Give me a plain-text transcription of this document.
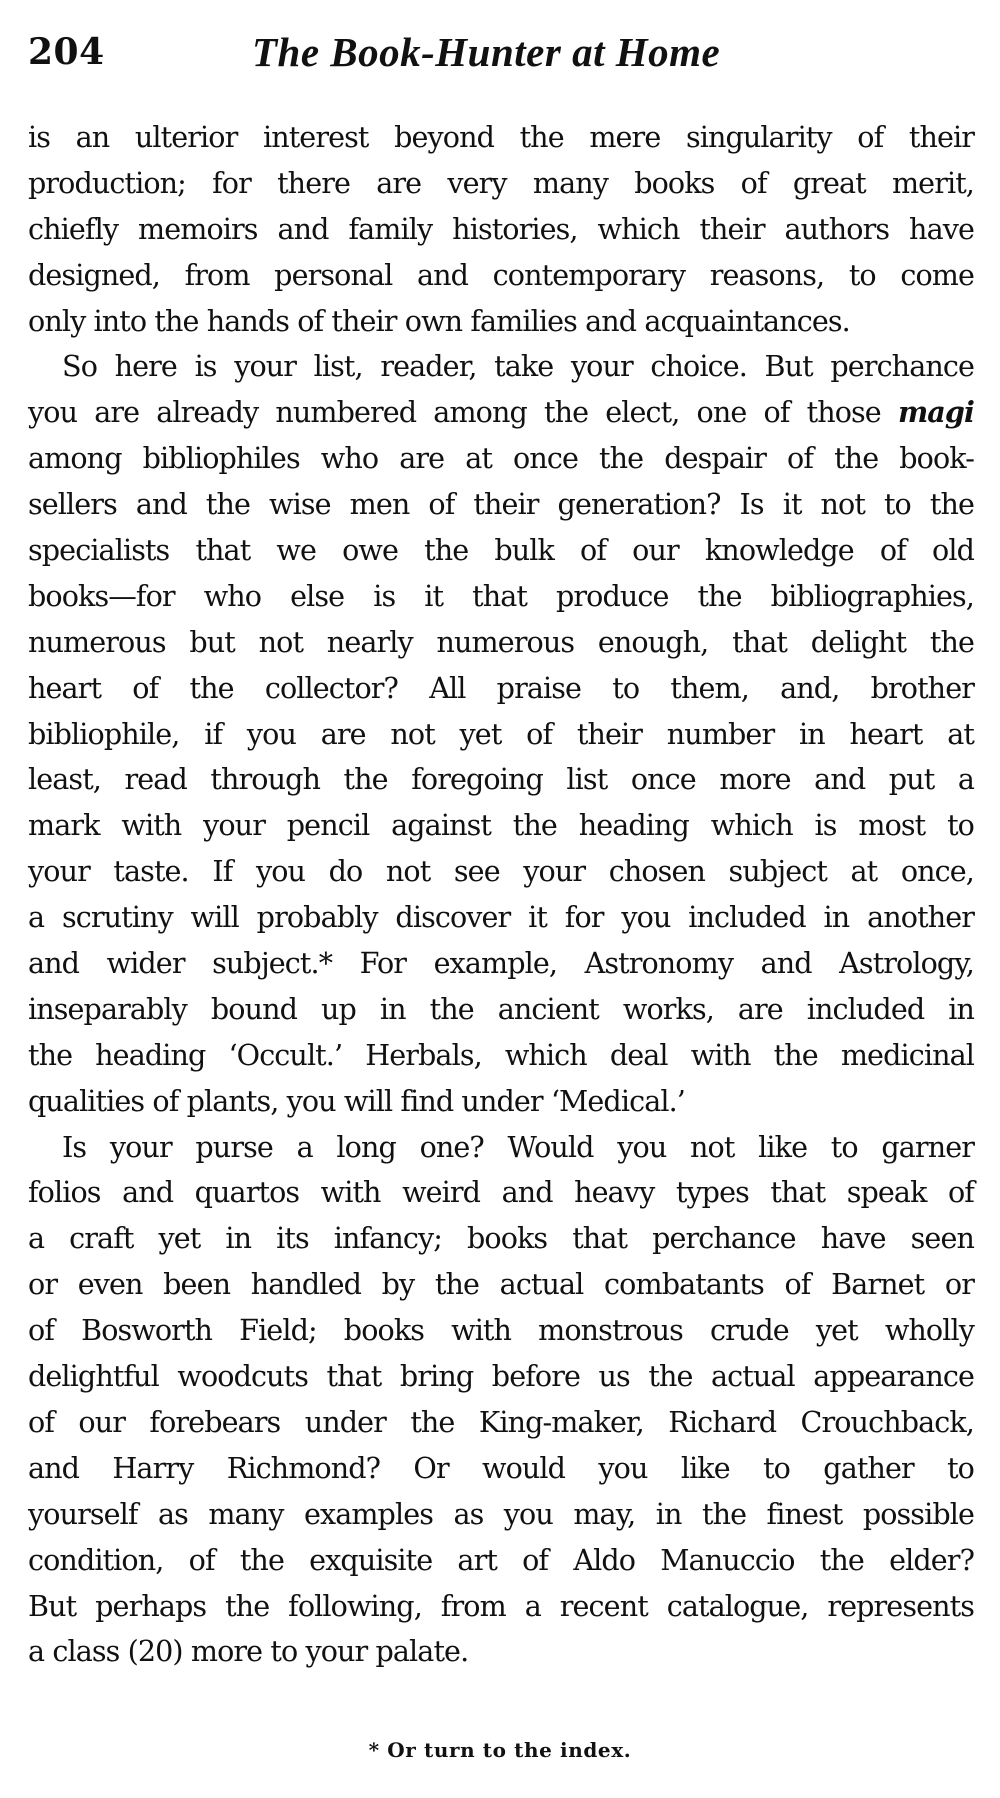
204	The Book-Hunter at Home
is an ulterior interest beyond the mere singularity of their
production; for there are very many books of great merit,
chiefly memoirs and family histories, which their authors have
designed, from personal and contemporary reasons, to come
only into the hands of their own families and acquaintances.
So here is your list, reader, take your choice. But perchance
you are already numbered among the elect, one of those magi
among bibliophiles who are at once the despair of the book-
sellers and the wise men of their generation? Is it not to the
specialists that we owe the bulk of our knowledge of old
books—for who else is it that produce the bibliographies,
numerous but not nearly numerous enough, that delight the
heart of the collector? All praise to them, and, brother
bibliophile, if you are not yet of their number in heart at
least, read through the foregoing list once more and put a
mark with your pencil against the heading which is most to
your taste. If you do not see your chosen subject at once,
a scrutiny will probably discover it for you included in another
and wider subject.* For example, Astronomy and Astrology,
inseparably bound up in the ancient works, are included in
the heading ‘Occult.’ Herbals, which deal with the medicinal
qualities of plants, you will find under ‘Medical.’
Is your purse a long one? Would you not like to garner
folios and quartos with weird and heavy types that speak of
a craft yet in its infancy; books that perchance have seen
or even been handled by the actual combatants of Barnet or
of Bosworth Field; books with monstrous crude yet wholly
delightful woodcuts that bring before us the actual appearance
of our forebears under the King-maker, Richard Crouchback,
and Harry Richmond? Or would you like to gather to
yourself as many examples as you may, in the finest possible
condition, of the exquisite art of Aldo Manuccio the elder?
But perhaps the following, from a recent catalogue, represents
a class (20) more to your palate.
* Or turn to the index.
